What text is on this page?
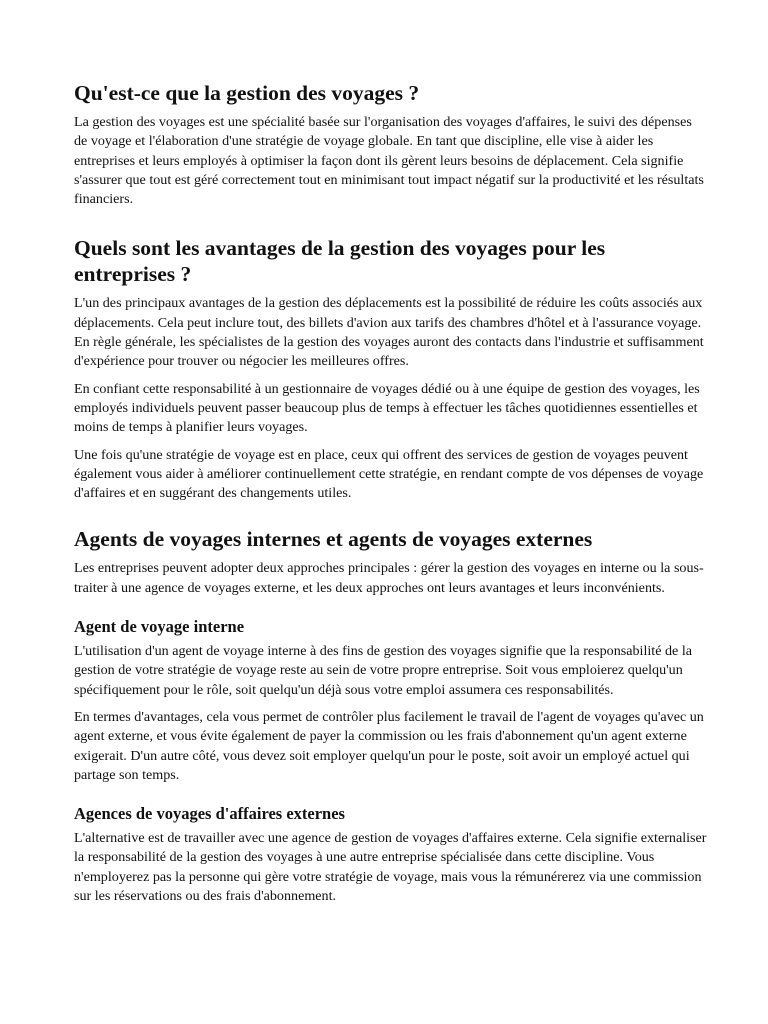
Qu'est-ce que la gestion des voyages ?

La gestion des voyages est une spécialité basée sur l'organisation des voyages d'affaires, le suivi des dépenses de voyage et l'élaboration d'une stratégie de voyage globale. En tant que discipline, elle vise à aider les entreprises et leurs employés à optimiser la façon dont ils gèrent leurs besoins de déplacement. Cela signifie s'assurer que tout est géré correctement tout en minimisant tout impact négatif sur la productivité et les résultats financiers.

Quels sont les avantages de la gestion des voyages pour les entreprises ?

L'un des principaux avantages de la gestion des déplacements est la possibilité de réduire les coûts associés aux déplacements. Cela peut inclure tout, des billets d'avion aux tarifs des chambres d'hôtel et à l'assurance voyage. En règle générale, les spécialistes de la gestion des voyages auront des contacts dans l'industrie et suffisamment d'expérience pour trouver ou négocier les meilleures offres.

En confiant cette responsabilité à un gestionnaire de voyages dédié ou à une équipe de gestion des voyages, les employés individuels peuvent passer beaucoup plus de temps à effectuer les tâches quotidiennes essentielles et moins de temps à planifier leurs voyages.

Une fois qu'une stratégie de voyage est en place, ceux qui offrent des services de gestion de voyages peuvent également vous aider à améliorer continuellement cette stratégie, en rendant compte de vos dépenses de voyage d'affaires et en suggérant des changements utiles.

Agents de voyages internes et agents de voyages externes

Les entreprises peuvent adopter deux approches principales : gérer la gestion des voyages en interne ou la sous-traiter à une agence de voyages externe, et les deux approches ont leurs avantages et leurs inconvénients.

Agent de voyage interne

L'utilisation d'un agent de voyage interne à des fins de gestion des voyages signifie que la responsabilité de la gestion de votre stratégie de voyage reste au sein de votre propre entreprise. Soit vous emploierez quelqu'un spécifiquement pour le rôle, soit quelqu'un déjà sous votre emploi assumera ces responsabilités.

En termes d'avantages, cela vous permet de contrôler plus facilement le travail de l'agent de voyages qu'avec un agent externe, et vous évite également de payer la commission ou les frais d'abonnement qu'un agent externe exigerait. D'un autre côté, vous devez soit employer quelqu'un pour le poste, soit avoir un employé actuel qui partage son temps.

Agences de voyages d'affaires externes

L'alternative est de travailler avec une agence de gestion de voyages d'affaires externe. Cela signifie externaliser la responsabilité de la gestion des voyages à une autre entreprise spécialisée dans cette discipline. Vous n'employerez pas la personne qui gère votre stratégie de voyage, mais vous la rémunérerez via une commission sur les réservations ou des frais d'abonnement.
